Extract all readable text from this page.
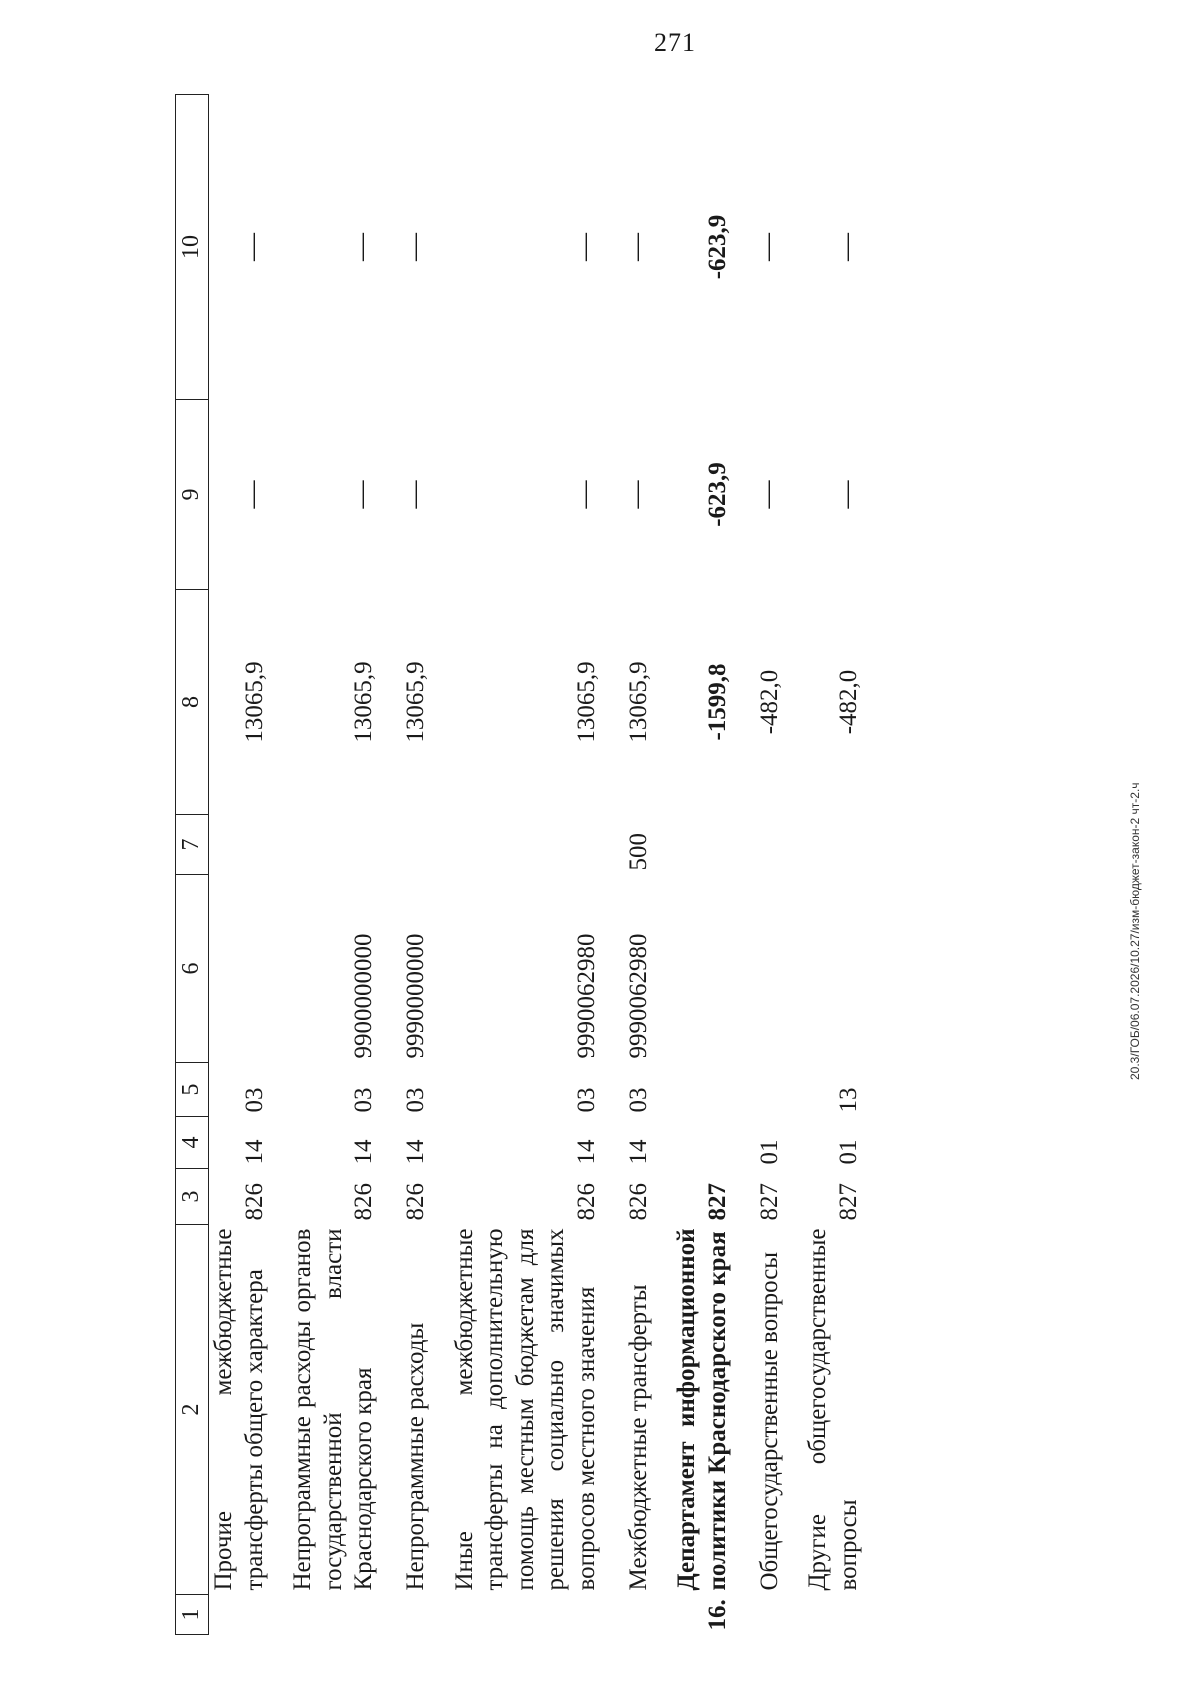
271
1	2	3	4	5	6	7	8	9	10
	Прочие межбюджетные трансферты общего характера	826	14	03			13065,9	—	—
	Непрограммные расходы органов государственной власти Краснодарского края	826	14	03	9900000000		13065,9	—	—
	Непрограммные расходы	826	14	03	9990000000		13065,9	—	—
	Иные межбюджетные трансферты на дополнительную помощь местным бюджетам для решения социально значимых вопросов местного значения	826	14	03	9990062980		13065,9	—	—
	Межбюджетные трансферты	826	14	03	9990062980	500	13065,9	—	—
16.	Департамент информационной политики Краснодарского края	827					-1599,8	-623,9	-623,9
	Общегосударственные вопросы	827	01				-482,0	—	—
	Другие общегосударственные вопросы	827	01	13			-482,0	—	—
20.3/ГОБ/06.07.2026/10.27/изм-бюджет-закон-2 чт-2.ч
